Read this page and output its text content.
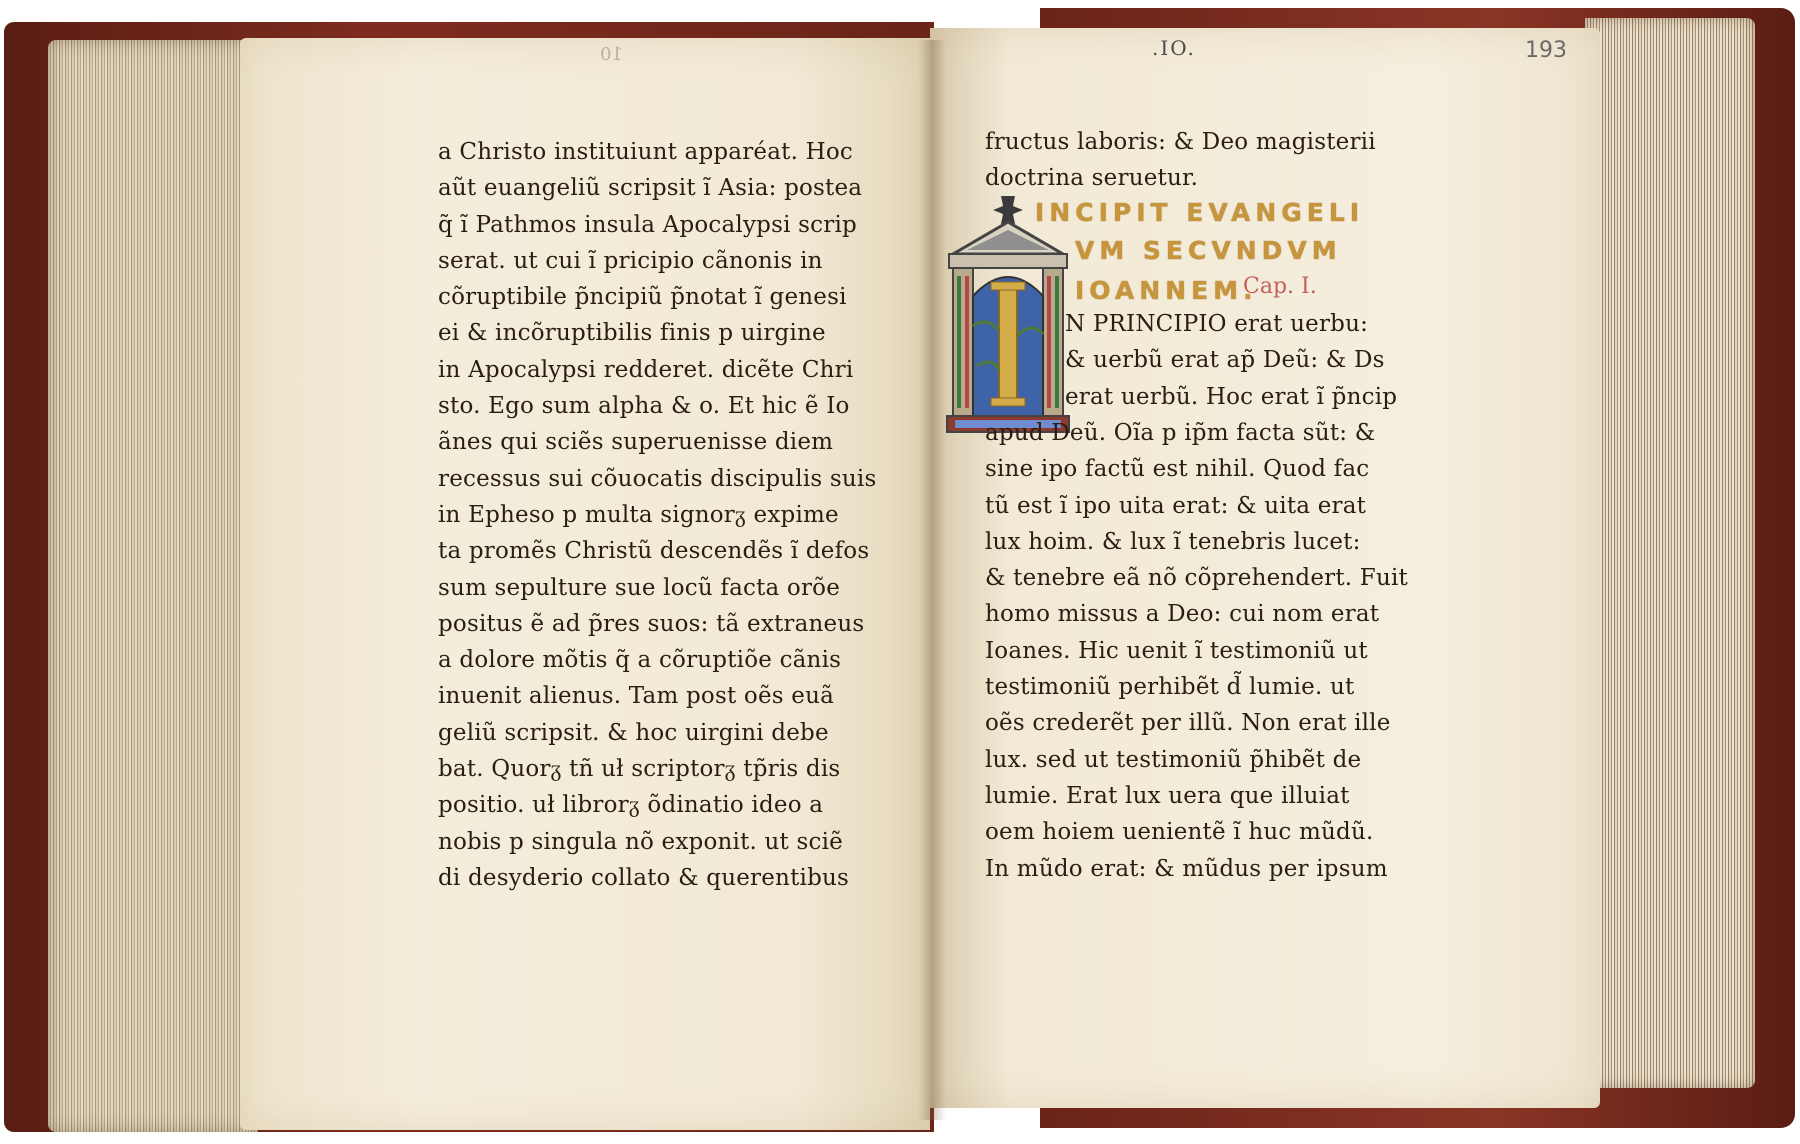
10
a Christo instituiunt apparéat. Hoc
aũt euangeliũ scripsit ĩ Asia: postea
q̃ ĩ Pathmos insula Apocalypsi scrip
serat. ut cui ĩ pricipio cãnonis in
cõruptibile p̃ncipiũ p̃notat ĩ genesi
ei & incõruptibilis finis p uirgine
in Apocalypsi redderet. dicẽte Chri
sto. Ego sum alpha & o. Et hic ẽ Io
ãnes qui sciẽs superuenisse diem
recessus sui cõuocatis discipulis suis
in Epheso p multa signorᵹ expime
ta promẽs Christũ descendẽs ĩ defos
sum sepulture sue locũ facta orõe
positus ẽ ad p̃res suos: tã extraneus
a dolore mõtis q̃ a cõruptiõe cãnis
inuenit alienus. Tam post oẽs euã
geliũ scripsit. & hoc uirgini debe
bat. Quorᵹ tñ uł scriptorᵹ tp̃ris dis
positio. uł librorᵹ õdinatio ideo a
nobis p singula nõ exponit. ut sciẽ
di desyderio collato & querentibus
.IO.	193
fructus laboris: & Deo magisterii
doctrina seruetur.
INCIPIT EVANGELI
VM SECVNDVM
IOANNEM.
Cap. I.
N PRINCIPIO erat uerbu:
& uerbũ erat ap̃ Deũ: & Ds
erat uerbũ. Hoc erat ĩ p̃ncip
apud Deũ. Oĩa p ip̃m facta sũt: &
sine ipo factũ est nihil. Quod fac
tũ est ĩ ipo uita erat: & uita erat
lux hoim. & lux ĩ tenebris lucet:
& tenebre eã nõ cõprehendert. Fuit
homo missus a Deo: cui nom erat
Ioanes. Hic uenit ĩ testimoniũ ut
testimoniũ perhibẽt d̃ lumie. ut
oẽs crederẽt per illũ. Non erat ille
lux. sed ut testimoniũ p̃hibẽt de
lumie. Erat lux uera que illuiat
oem hoiem uenientẽ ĩ huc mũdũ.
In mũdo erat: & mũdus per ipsum
